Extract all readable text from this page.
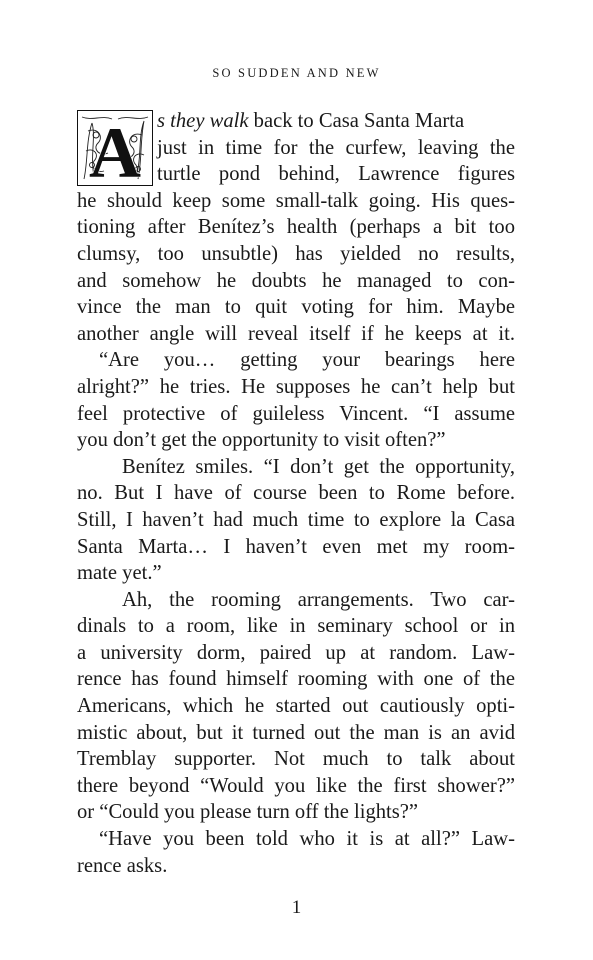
SO SUDDEN AND NEW
A s they walk back to Casa Santa Marta
just in time for the curfew, leaving the
turtle pond behind, Lawrence figures
he should keep some small-talk going. His ques-
tioning after Benítez’s health (perhaps a bit too
clumsy, too unsubtle) has yielded no results,
and somehow he doubts he managed to con-
vince the man to quit voting for him. Maybe
another angle will reveal itself if he keeps at it.
“Are you… getting your bearings here
alright?” he tries. He supposes he can’t help but
feel protective of guileless Vincent. “I assume
you don’t get the opportunity to visit often?”
Benítez smiles. “I don’t get the opportunity,
no. But I have of course been to Rome before.
Still, I haven’t had much time to explore la Casa
Santa Marta… I haven’t even met my room-
mate yet.”
Ah, the rooming arrangements. Two car-
dinals to a room, like in seminary school or in
a university dorm, paired up at random. Law-
rence has found himself rooming with one of the
Americans, which he started out cautiously opti-
mistic about, but it turned out the man is an avid
Tremblay supporter. Not much to talk about
there beyond “Would you like the first shower?”
or “Could you please turn off the lights?”
“Have you been told who it is at all?” Law-
rence asks.
1
